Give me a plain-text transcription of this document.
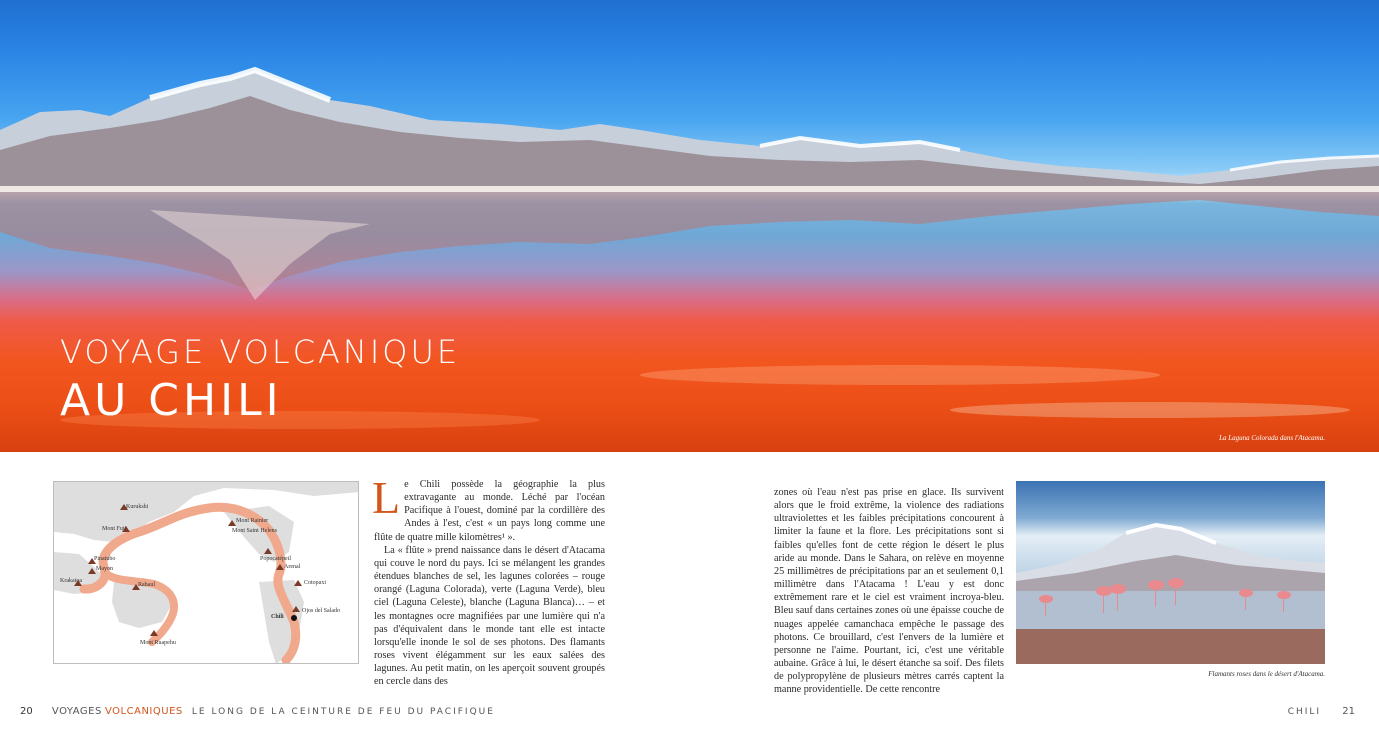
VOYAGE VOLCANIQUE
AU CHILI
La Laguna Colorada dans l'Atacama.
Kurukshi
Mont Fuji
Pinatubo
Mayon
Krakatoa
Rabaul
Mont Ruapehu
Mont Rainier
Mont Saint Helens
Popocatépetl
Arenal
Cotopaxi
Ojos del Salado
Chili

Le Chili possède la géographie la plus extravagante au monde. Léché par l'océan Pacifique à l'ouest, dominé par la cordillère des Andes à l'est, c'est « un pays long comme une flûte de quatre mille kilomètres¹ ».

La « flûte » prend naissance dans le désert d'Atacama qui couve le nord du pays. Ici se mélangent les grandes étendues blanches de sel, les lagunes colorées – rouge orangé (Laguna Colorada), verte (Laguna Verde), bleu ciel (Laguna Celeste), blanche (Laguna Blanca)… – et les montagnes ocre magnifiées par une lumière qui n'a pas d'équivalent dans le monde tant elle est intacte lorsqu'elle inonde le sol de ses photons. Des flamants roses vivent élégamment sur les eaux salées des lagunes. Au petit matin, on les aperçoit souvent groupés en cercle dans des

zones où l'eau n'est pas prise en glace. Ils survivent alors que le froid extrême, la violence des radiations ultraviolettes et les faibles précipitations concourent à limiter la faune et la flore. Les précipitations sont si faibles qu'elles font de cette région le désert le plus aride au monde. Dans le Sahara, on relève en moyenne 25 millimètres de précipitations par an et seulement 0,1 millimètre dans l'Atacama ! L'eau y est donc extrêmement rare et le ciel est vraiment incroya-bleu. Bleu sauf dans certaines zones où une épaisse couche de nuages appelée camanchaca empêche le passage des photons. Ce brouillard, c'est l'envers de la lumière et personne ne l'aime. Pourtant, ici, c'est une véritable aubaine. Grâce à lui, le désert étanche sa soif. Des filets de polypropylène de plusieurs mètres carrés captent la manne providentielle. De cette rencontre
Flamants roses dans le désert d'Atacama.
20 VOYAGES VOLCANIQUES LE LONG DE LA CEINTURE DE FEU DU PACIFIQUE	CHILI 21
